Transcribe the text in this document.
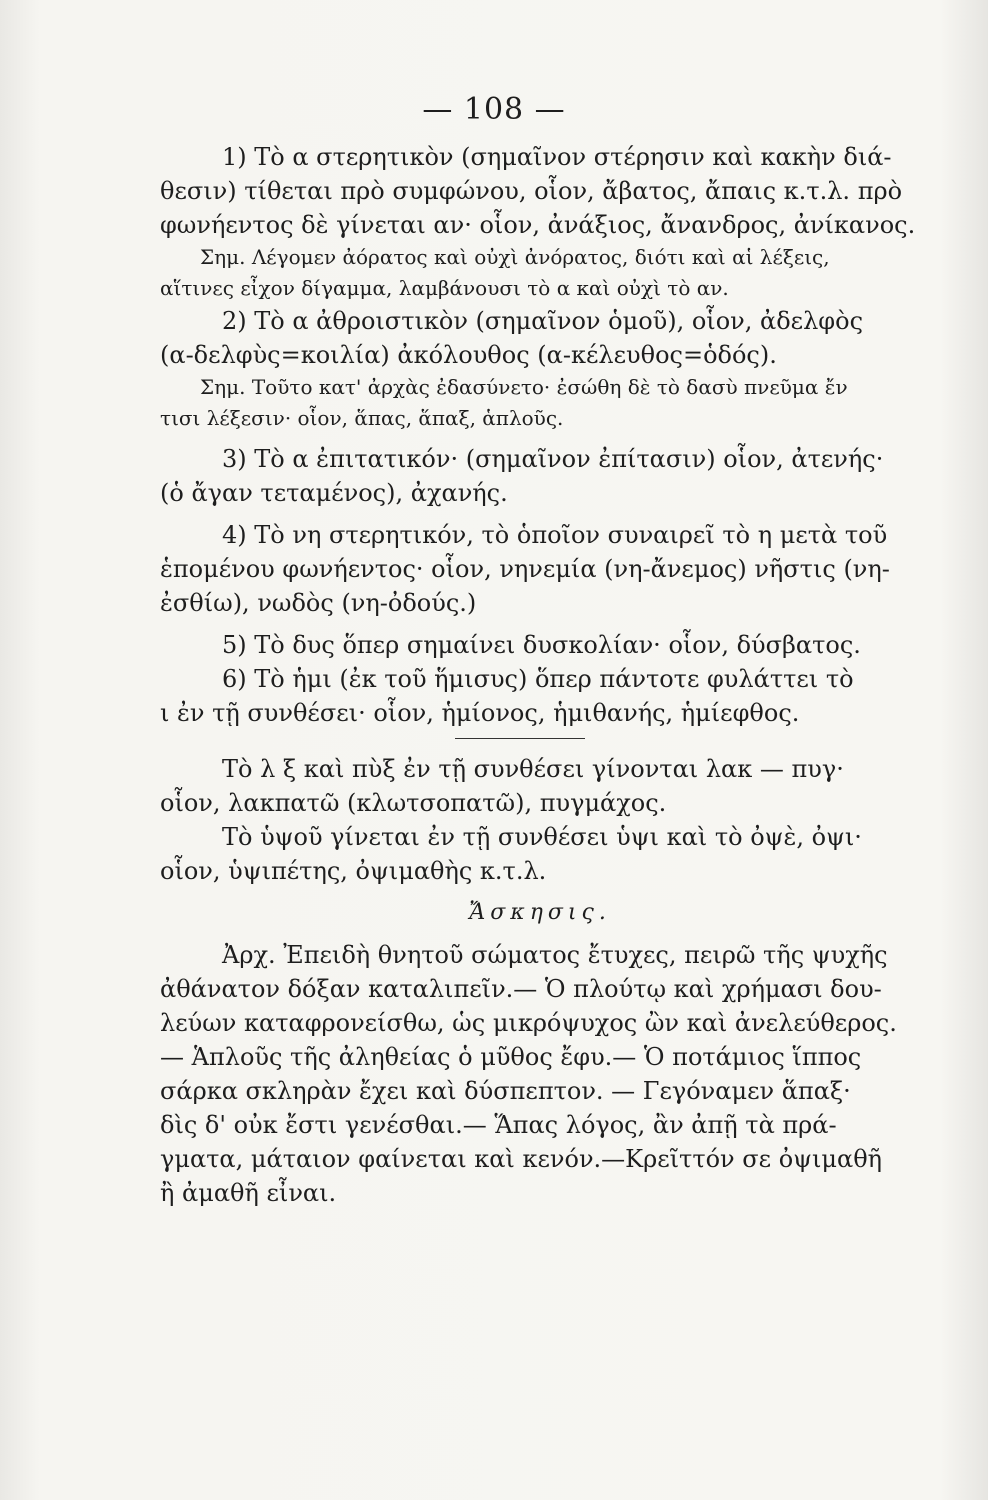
— 108 —
1) Τὸ α στερητικὸν (σημαῖνον στέρησιν καὶ κακὴν διά-
θεσιν) τίθεται πρὸ συμφώνου, οἷον, ἄβατος, ἄπαις κ.τ.λ. πρὸ
φωνήεντος δὲ γίνεται αν· οἷον, ἀνάξιος, ἄνανδρος, ἀνίκανος.
Σημ. Λέγομεν ἀόρατος καὶ οὐχὶ ἀνόρατος, διότι καὶ αἱ λέξεις,
αἵτινες εἶχον δίγαμμα, λαμβάνουσι τὸ α καὶ οὐχὶ τὸ αν.
2) Τὸ α ἀθροιστικὸν (σημαῖνον ὁμοῦ), οἷον, ἀδελφὸς
(α-δελφὺς=κοιλία) ἀκόλουθος (α-κέλευθος=ὁδός).
Σημ. Τοῦτο κατ' ἀρχὰς ἐδασύνετο· ἐσώθη δὲ τὸ δασὺ πνεῦμα ἔν
τισι λέξεσιν· οἷον, ἅπας, ἅπαξ, ἁπλοῦς.
3) Τὸ α ἐπιτατικόν· (σημαῖνον ἐπίτασιν) οἷον, ἀτενής·
(ὁ ἄγαν τεταμένος), ἀχανής.
4) Τὸ νη στερητικόν, τὸ ὁποῖον συναιρεῖ τὸ η μετὰ τοῦ
ἑπομένου φωνήεντος· οἷον, νηνεμία (νη-ἄνεμος) νῆστις (νη-
ἐσθίω), νωδὸς (νη-ὀδούς.)
5) Τὸ δυς ὅπερ σημαίνει δυσκολίαν· οἷον, δύσβατος.
6) Τὸ ἡμι (ἐκ τοῦ ἥμισυς) ὅπερ πάντοτε φυλάττει τὸ
ι ἐν τῇ συνθέσει· οἷον, ἡμίονος, ἡμιθανής, ἡμίεφθος.
Τὸ λ ξ καὶ πὺξ ἐν τῇ συνθέσει γίνονται λακ — πυγ·
οἷον, λακπατῶ (κλωτσοπατῶ), πυγμάχος.
Τὸ ὑψοῦ γίνεται ἐν τῇ συνθέσει ὑψι καὶ τὸ ὀψὲ, ὀψι·
οἷον, ὑψιπέτης, ὀψιμαθὴς κ.τ.λ.
Ἄσκησις.
Ἀρχ. Ἐπειδὴ θνητοῦ σώματος ἔτυχες, πειρῶ τῆς ψυχῆς
ἀθάνατον δόξαν καταλιπεῖν.— Ὁ πλούτῳ καὶ χρήμασι δου-
λεύων καταφρονείσθω, ὡς μικρόψυχος ὢν καὶ ἀνελεύθερος.
— Ἁπλοῦς τῆς ἀληθείας ὁ μῦθος ἔφυ.— Ὁ ποτάμιος ἵππος
σάρκα σκληρὰν ἔχει καὶ δύσπεπτον. — Γεγόναμεν ἅπαξ·
δὶς δ' οὐκ ἔστι γενέσθαι.— Ἅπας λόγος, ἂν ἀπῇ τὰ πρά-
γματα, μάταιον φαίνεται καὶ κενόν.—Κρεῖττόν σε ὀψιμαθῆ
ἢ ἀμαθῆ εἶναι.
